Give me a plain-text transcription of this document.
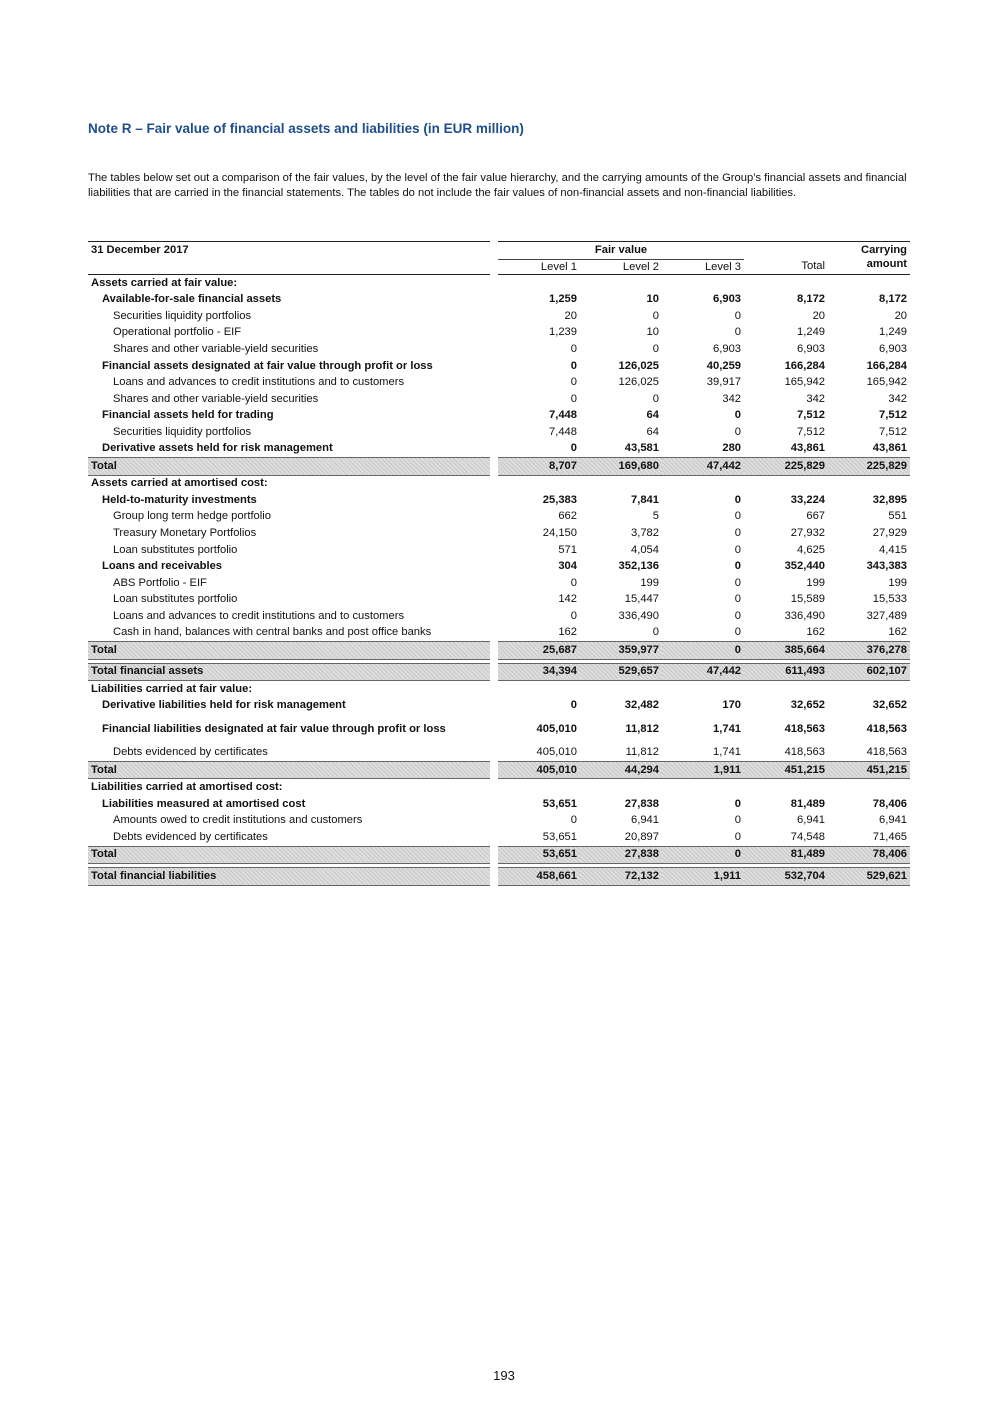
Note R – Fair value of financial assets and liabilities (in EUR million)
The tables below set out a comparison of the fair values, by the level of the fair value hierarchy, and the carrying amounts of the Group’s financial assets and financial liabilities that are carried in the financial statements. The tables do not include the fair values of non-financial assets and non-financial liabilities.
31 December 2017		Fair value				Carrying amount
		Level 1	Level 2	Level 3	Total	
Assets carried at fair value:						
Available-for-sale financial assets		1,259	10	6,903	8,172	8,172
Securities liquidity portfolios		20	0	0	20	20
Operational portfolio - EIF		1,239	10	0	1,249	1,249
Shares and other variable-yield securities		0	0	6,903	6,903	6,903
Financial assets designated at fair value through profit or loss		0	126,025	40,259	166,284	166,284
Loans and advances to credit institutions and to customers		0	126,025	39,917	165,942	165,942
Shares and other variable-yield securities		0	0	342	342	342
Financial assets held for trading		7,448	64	0	7,512	7,512
Securities liquidity portfolios		7,448	64	0	7,512	7,512
Derivative assets held for risk management		0	43,581	280	43,861	43,861
Total		8,707	169,680	47,442	225,829	225,829
Assets carried at amortised cost:						
Held-to-maturity investments		25,383	7,841	0	33,224	32,895
Group long term hedge portfolio		662	5	0	667	551
Treasury Monetary Portfolios		24,150	3,782	0	27,932	27,929
Loan substitutes portfolio		571	4,054	0	4,625	4,415
Loans and receivables		304	352,136	0	352,440	343,383
ABS Portfolio - EIF		0	199	0	199	199
Loan substitutes portfolio		142	15,447	0	15,589	15,533
Loans and advances to credit institutions and to customers		0	336,490	0	336,490	327,489
Cash in hand, balances with central banks and post office banks		162	0	0	162	162
Total		25,687	359,977	0	385,664	376,278

Total financial assets		34,394	529,657	47,442	611,493	602,107
Liabilities carried at fair value:						
Derivative liabilities held for risk management		0	32,482	170	32,652	32,652
Financial liabilities designated at fair value through profit or loss		405,010	11,812	1,741	418,563	418,563
Debts evidenced by certificates		405,010	11,812	1,741	418,563	418,563
Total		405,010	44,294	1,911	451,215	451,215
Liabilities carried at amortised cost:						
Liabilities measured at amortised cost		53,651	27,838	0	81,489	78,406
Amounts owed to credit institutions and customers		0	6,941	0	6,941	6,941
Debts evidenced by certificates		53,651	20,897	0	74,548	71,465
Total		53,651	27,838	0	81,489	78,406

Total financial liabilities		458,661	72,132	1,911	532,704	529,621
193
